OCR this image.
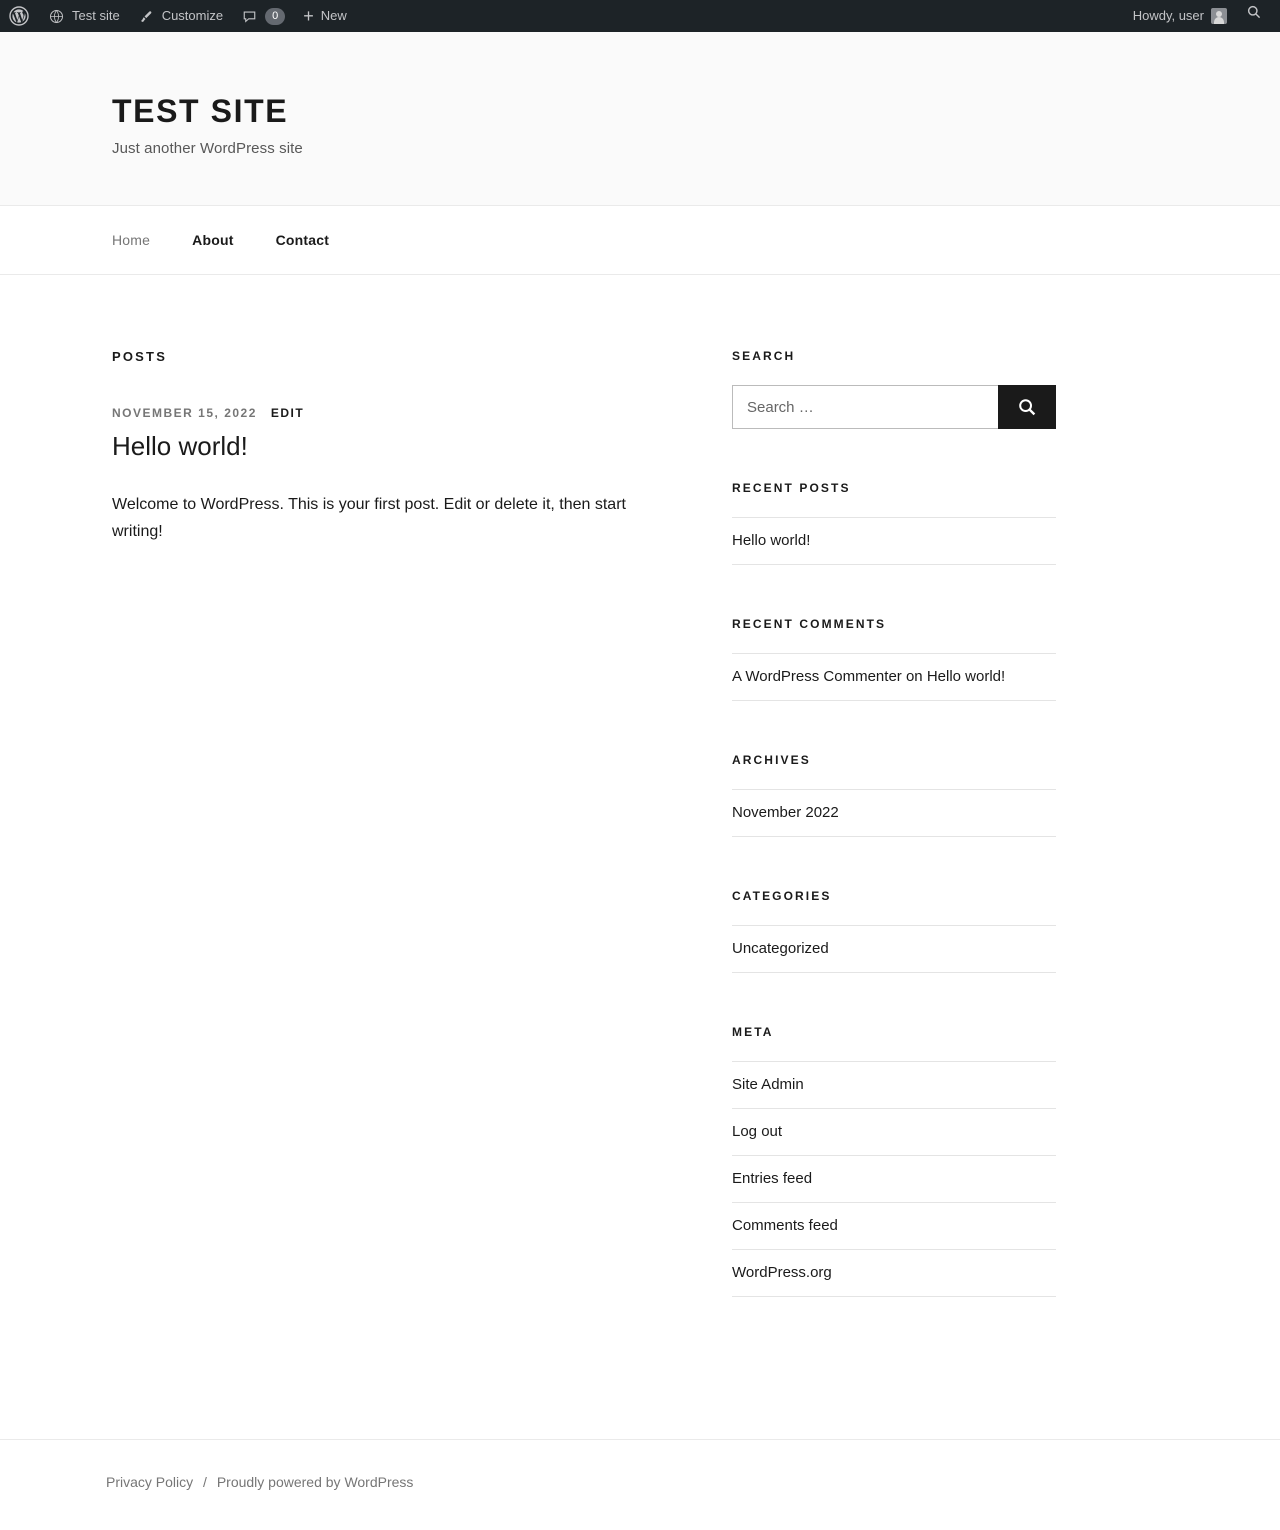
Test site	Customize	0	+ New	Howdy, user
TEST SITE

Just another WordPress site

Home	About	Contact
POSTS
NOVEMBER 15, 2022 EDIT
Hello world!

Welcome to WordPress. This is your first post. Edit or delete it, then start writing!

SEARCH
Search …
RECENT POSTS
Hello world!
RECENT COMMENTS
A WordPress Commenter on Hello world!
ARCHIVES
November 2022
CATEGORIES
Uncategorized
META
Site Admin
Log out
Entries feed
Comments feed
WordPress.org
Privacy Policy / Proudly powered by WordPress
